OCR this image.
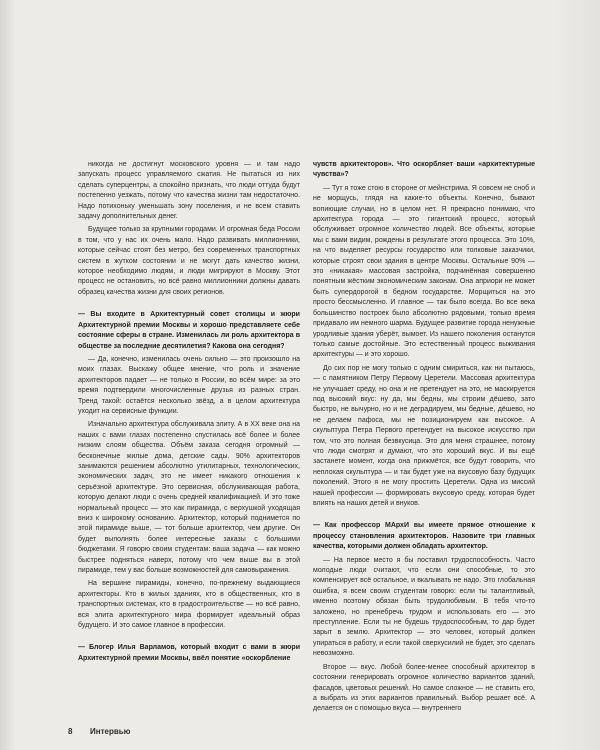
никогда не достигнут московского уровня — и там надо запускать процесс управляемого сжатия. Не пытаться из них сделать суперцентры, а спокойно признать, что люди оттуда будут постепенно уезжать, потому что качества жизни там недостаточно. Надо потихоньку уменьшать зону поселения, и не всем ставить задачу дополнительных денег.

Будущее только за крупными городами. И огромная беда России в том, что у нас их очень мало. Надо развивать миллионники, которые сейчас стоят без метро, без современных транспортных систем в жутком состоянии и не могут дать качество жизни, которое необходимо людям, и люди мигрируют в Москву. Этот процесс не остановить, но всё равно миллионники должны давать образец качества жизни для своих регионов.

— Вы входите в Архитектурный совет столицы и жюри Архитектурной премии Москвы и хорошо представляете себе состояние сферы в стране. Изменилась ли роль архитектора в обществе за последние десятилетия? Какова она сегодня?

— Да, конечно, изменилась очень сильно — это произошло на моих глазах. Выскажу общее мнение, что роль и значение архитекторов падает — не только в России, во всём мире: за это время подтвердили многочисленные друзья из разных стран. Тренд такой: остаётся несколько звёзд, а в целом архитектура уходит на сервисные функции.

Изначально архитектура обслуживала элиту. А в XX веке она на наших с вами глазах постепенно спустилась всё более и более низким слоям общества. Объём заказа сегодня огромный — бесконечные жилые дома, детские сады. 90% архитекторов занимаются решением абсолютно утилитарных, технологических, экономических задач, это не имеет никакого отношения к серьёзной архитектуре. Это сервисная, обслуживающая работа, которую делают люди с очень средней квалификацией. И это тоже нормальный процесс — это как пирамида, с верхушкой уходящая вниз к широкому основанию. Архитектор, который поднимется по этой пирамиде выше, — тот больше архитектор, чем другие. Он будет выполнять более интересные заказы с большими бюджетами. Я говорю своим студентам: ваша задача — как можно быстрее подняться наверх, потому что чем выше вы в этой пирамиде, тем у вас больше возможностей для самовыражения.

На вершине пирамиды, конечно, по-прежнему выдающиеся архитекторы. Кто в жилых зданиях, кто в общественных, кто в транспортных системах, кто в градостроительстве — но всё равно, вся элита архитектурного мира формирует идеальный образ будущего. И это самое главное в профессии.

— Блогер Илья Варламов, который входит с вами в жюри Архитектурной премии Москвы, ввёл понятие «оскорбление

чувств архитекторов». Что оскорбляет ваши «архитектурные чувства»?

— Тут я тоже стою в стороне от мейнстрима. Я совсем не сноб и не морщусь, глядя на какие-то объекты. Конечно, бывают вопиющие случаи, но в целом нет. Я прекрасно понимаю, что архитектура города — это гигантский процесс, который обслуживает огромное количество людей. Все объекты, которые мы с вами видим, рождены в результате этого процесса. Это 10%, на что выделяет ресурсы государство или толковые заказчики, которые строят свои здания в центре Москвы. Остальные 90% — это «никакая» массовая застройка, подчинённая совершенно понятным жёстким экономическим законам. Она априори не может быть супердорогой в бедном государстве. Морщиться на это просто бессмысленно. И главное — так было всегда. Во все века большинство построек было абсолютно рядовыми, только время придавало им немного шарма. Будущее развитие города ненужные уродливые здания уберёт, вымоет. Из нашего поколения останутся только самые достойные. Это естественный процесс выживания архитектуры — и это хорошо.

До сих пор не могу только с одним смириться, как ни пытаюсь, — с памятником Петру Первому Церетели. Массовая архитектура не улучшает среду, но она и не претендует на это, не маскируется под высокий вкус: ну да, мы бедны, мы строим дёшево, зато быстро, не вычурно, но и не деградируем, мы бедные, дёшево, но не делаем пафоса, мы не позиционируем как высокое. А скульптура Петра Первого претендует на высокое искусство при том, что это полная безвкусица. Это для меня страшнее, потому что люди смотрят и думают, что это хороший вкус. И вы ещё застанете момент, когда она прижмётся, все будут говорить, что неплохая скульптура — и так будет уже на вкусовую базу будущих поколений. Этого я не могу простить Церетели. Одна из миссий нашей профессии — формировать вкусовую среду, которая будет влиять на наших детей и внуков.

— Как профессор МАрхИ вы имеете прямое отношение к процессу становления архитекторов. Назовите три главных качества, которыми должен обладать архитектор.

— На первое место я бы поставил трудоспособность. Часто молодые люди считают, что если они способные, то это компенсирует всё остальное, и вкалывать не надо. Это глобальная ошибка, я всем своим студентам говорю: если ты талантливый, именно поэтому обязан быть трудолюбивым. В тебя что-то заложено, но пренебречь трудом и использовать его — это преступление. Если ты не будешь трудоспособным, то дар будет зарыт в землю. Архитектор — это человек, который должен упираться в работу, и если такой сверхусилий не будет, это сделать невозможно.

Второе — вкус. Любой более-менее способный архитектор в состоянии генерировать огромное количество вариантов зданий, фасадов, цветовых решений. Но самое сложное — не ставить его, а выбрать из этих вариантов правильный. Выбор решает всё. А делается он с помощью вкуса — внутреннего

8 Интервью
